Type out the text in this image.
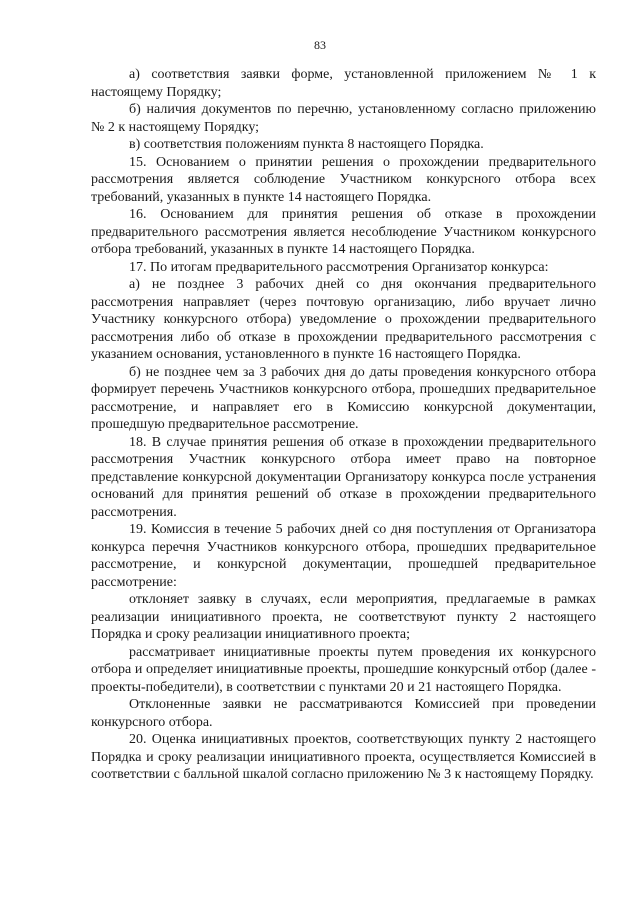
83

а) соответствия заявки форме, установленной приложением № 1 к настоящему Порядку;

б) наличия документов по перечню, установленному согласно приложению № 2 к настоящему Порядку;

в) соответствия положениям пункта 8 настоящего Порядка.

15. Основанием о принятии решения о прохождении предварительного рассмотрения является соблюдение Участником конкурсного отбора всех требований, указанных в пункте 14 настоящего Порядка.

16. Основанием для принятия решения об отказе в прохождении предварительного рассмотрения является несоблюдение Участником конкурсного отбора требований, указанных в пункте 14 настоящего Порядка.

17. По итогам предварительного рассмотрения Организатор конкурса:

а) не позднее 3 рабочих дней со дня окончания предварительного рассмотрения направляет (через почтовую организацию, либо вручает лично Участнику конкурсного отбора) уведомление о прохождении предварительного рассмотрения либо об отказе в прохождении предварительного рассмотрения с указанием основания, установленного в пункте 16 настоящего Порядка.

б) не позднее чем за 3 рабочих дня до даты проведения конкурсного отбора формирует перечень Участников конкурсного отбора, прошедших предварительное рассмотрение, и направляет его в Комиссию конкурсной документации, прошедшую предварительное рассмотрение.

18. В случае принятия решения об отказе в прохождении предварительного рассмотрения Участник конкурсного отбора имеет право на повторное представление конкурсной документации Организатору конкурса после устранения оснований для принятия решений об отказе в прохождении предварительного рассмотрения.

19. Комиссия в течение 5 рабочих дней со дня поступления от Организатора конкурса перечня Участников конкурсного отбора, прошедших предварительное рассмотрение, и конкурсной документации, прошедшей предварительное рассмотрение:

отклоняет заявку в случаях, если мероприятия, предлагаемые в рамках реализации инициативного проекта, не соответствуют пункту 2 настоящего Порядка и сроку реализации инициативного проекта;

рассматривает инициативные проекты путем проведения их конкурсного отбора и определяет инициативные проекты, прошедшие конкурсный отбор (далее - проекты-победители), в соответствии с пунктами 20 и 21 настоящего Порядка.

Отклоненные заявки не рассматриваются Комиссией при проведении конкурсного отбора.

20. Оценка инициативных проектов, соответствующих пункту 2 настоящего Порядка и сроку реализации инициативного проекта, осуществляется Комиссией в соответствии с балльной шкалой согласно приложению № 3 к настоящему Порядку.
